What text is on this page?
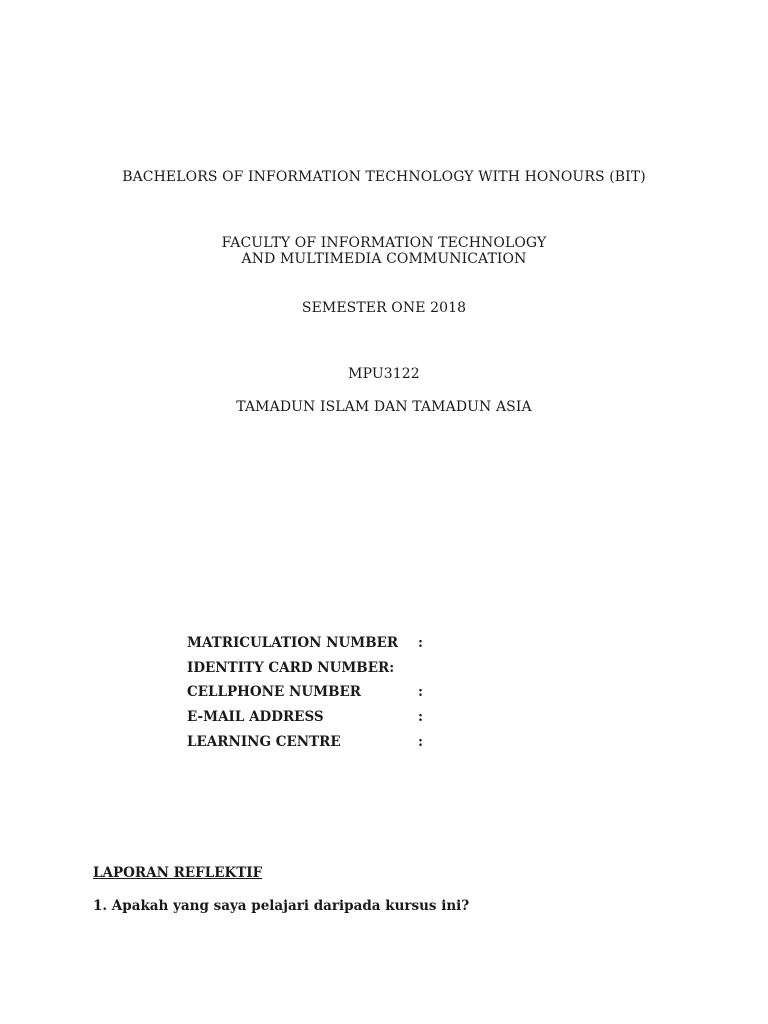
BACHELORS OF INFORMATION TECHNOLOGY WITH HONOURS (BIT)
FACULTY OF INFORMATION TECHNOLOGY
AND MULTIMEDIA COMMUNICATION
SEMESTER ONE 2018
MPU3122
TAMADUN ISLAM DAN TAMADUN ASIA
MATRICULATION NUMBER :
IDENTITY CARD NUMBER:
CELLPHONE NUMBER	:
E-MAIL ADDRESS	:
LEARNING CENTRE	:
LAPORAN REFLEKTIF
1. Apakah yang saya pelajari daripada kursus ini?
